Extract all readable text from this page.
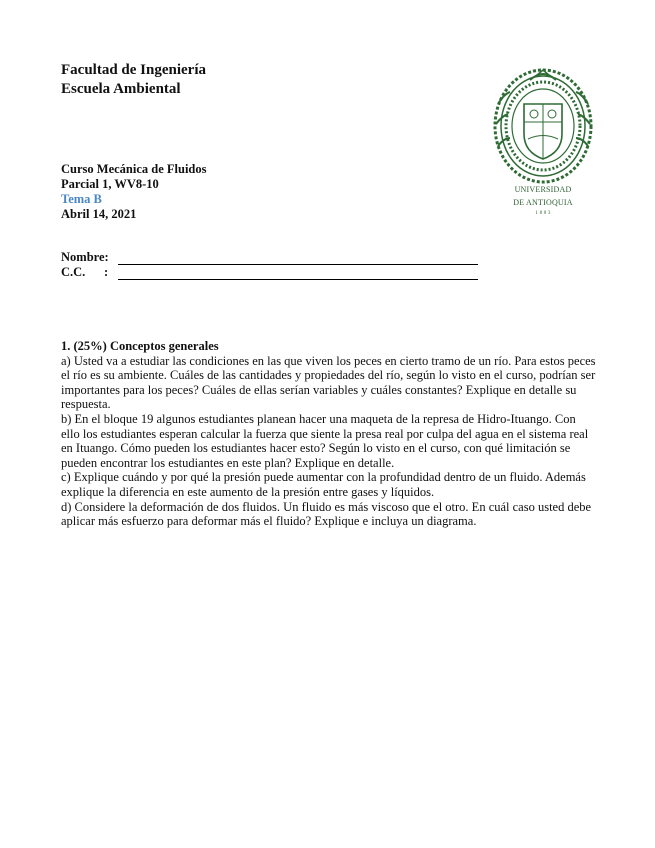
Facultad de Ingeniería
Escuela Ambiental
UNIVERSIDAD
DE ANTIOQUIA
1 8 0 3
Curso Mecánica de Fluidos
Parcial 1, WV8-10
Tema B
Abril 14, 2021
Nombre:
C.C.      :

1. (25%) Conceptos generales

a) Usted va a estudiar las condiciones en las que viven los peces en cierto tramo de un río. Para estos peces el río es su ambiente. Cuáles de las cantidades y propiedades del río, según lo visto en el curso, podrían ser importantes para los peces? Cuáles de ellas serían variables y cuáles constantes? Explique en detalle su respuesta.

b) En el bloque 19 algunos estudiantes planean hacer una maqueta de la represa de Hidro-Ituango. Con ello los estudiantes esperan calcular la fuerza que siente la presa real por culpa del agua en el sistema real en Ituango. Cómo pueden los estudiantes hacer esto? Según lo visto en el curso, con qué limitación se pueden encontrar los estudiantes en este plan? Explique en detalle.

c) Explique cuándo y por qué la presión puede aumentar con la profundidad dentro de un fluido. Además explique la diferencia en este aumento de la presión entre gases y líquidos.

d) Considere la deformación de dos fluidos. Un fluido es más viscoso que el otro. En cuál caso usted debe aplicar más esfuerzo para deformar más el fluido? Explique e incluya un diagrama.
